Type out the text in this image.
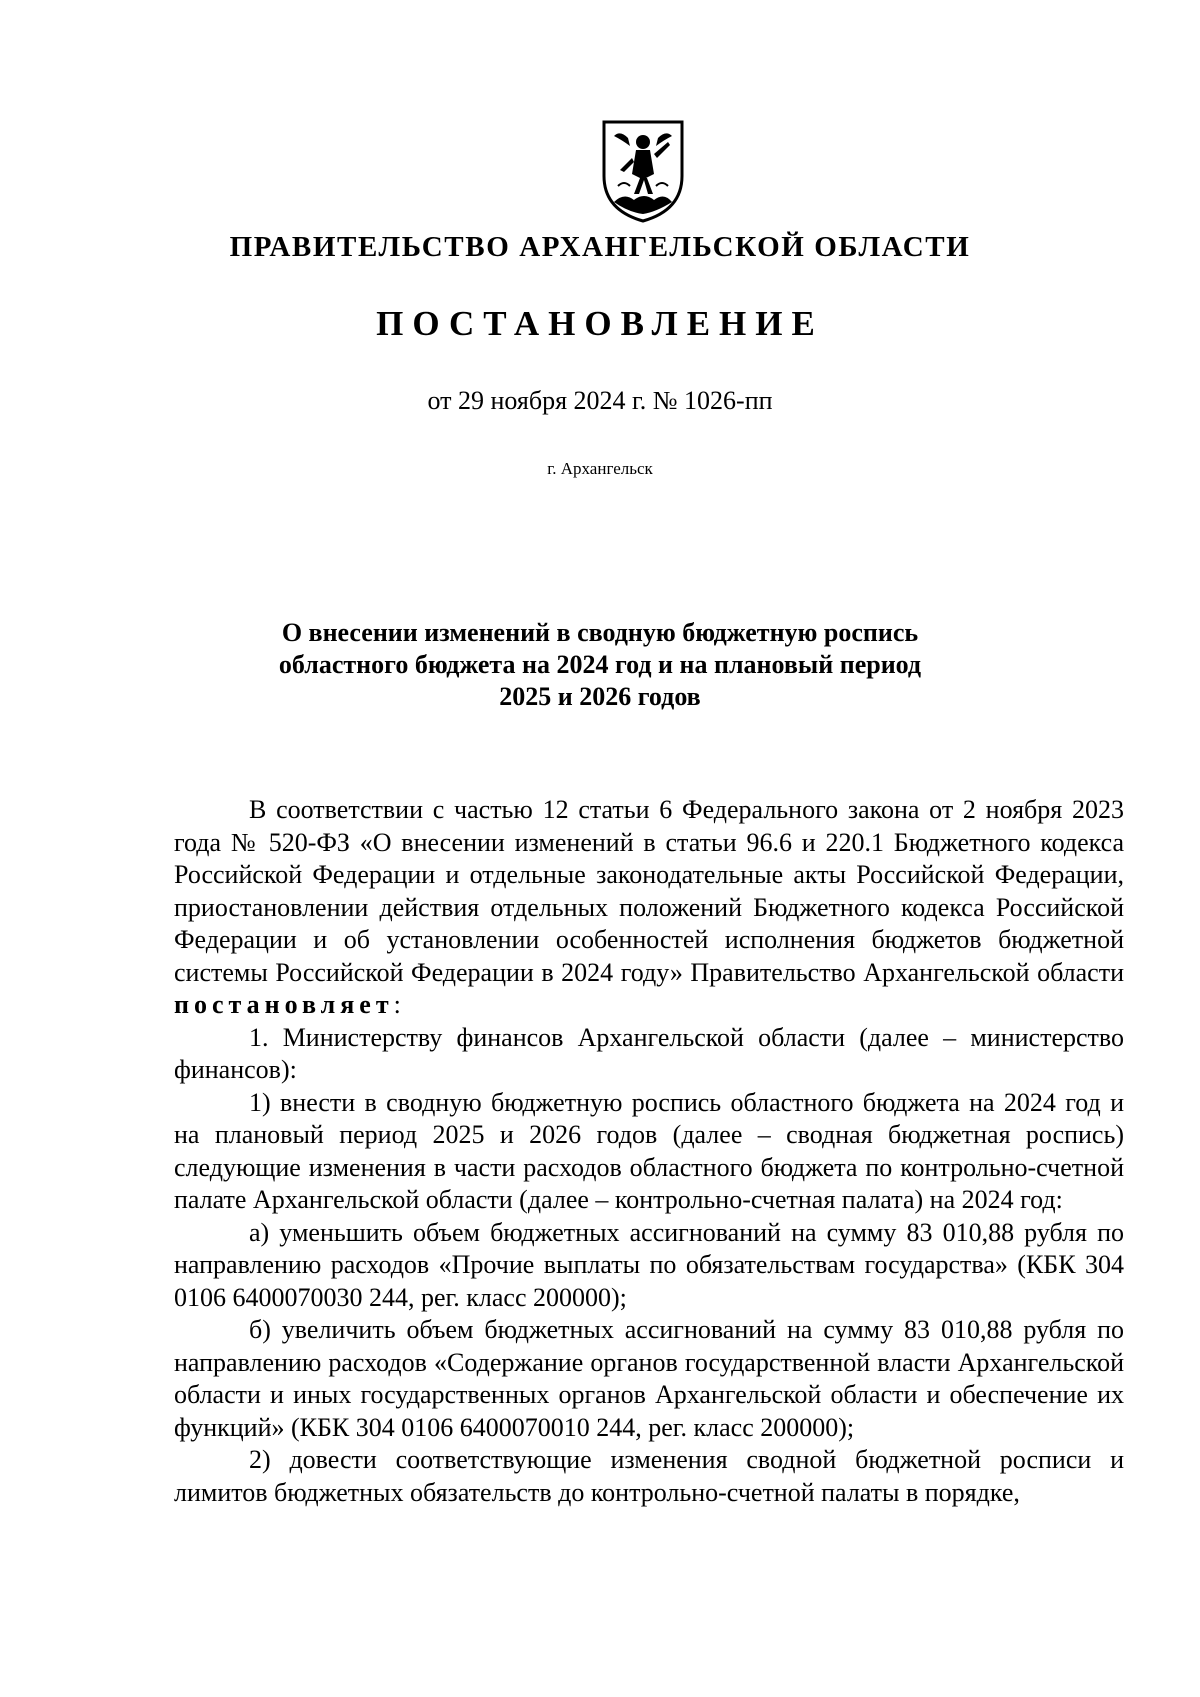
ПРАВИТЕЛЬСТВО АРХАНГЕЛЬСКОЙ ОБЛАСТИ
ПОСТАНОВЛЕНИЕ
от 29 ноября 2024 г. № 1026-пп
г. Архангельск
О внесении изменений в сводную бюджетную роспись
областного бюджета на 2024 год и на плановый период
2025 и 2026 годов

В соответствии с частью 12 статьи 6 Федерального закона от 2 ноября 2023 года № 520-ФЗ «О внесении изменений в статьи 96.6 и 220.1 Бюджетного кодекса Российской Федерации и отдельные законодательные акты Российской Федерации, приостановлении действия отдельных положений Бюджетного кодекса Российской Федерации и об установлении особенностей исполнения бюджетов бюджетной системы Российской Федерации в 2024 году» Правительство Архангельской области постановляет:

1. Министерству финансов Архангельской области (далее – министерство финансов):

1) внести в сводную бюджетную роспись областного бюджета на 2024 год и на плановый период 2025 и 2026 годов (далее – сводная бюджетная роспись) следующие изменения в части расходов областного бюджета по контрольно-счетной палате Архангельской области (далее – контрольно-счетная палата) на 2024 год:

а) уменьшить объем бюджетных ассигнований на сумму 83 010,88 рубля по направлению расходов «Прочие выплаты по обязательствам государства» (КБК 304 0106 6400070030 244, рег. класс 200000);

б) увеличить объем бюджетных ассигнований на сумму 83 010,88 рубля по направлению расходов «Содержание органов государственной власти Архангельской области и иных государственных органов Архангельской области и обеспечение их функций» (КБК 304 0106 6400070010 244, рег. класс 200000);

2) довести соответствующие изменения сводной бюджетной росписи и лимитов бюджетных обязательств до контрольно-счетной палаты в порядке,
